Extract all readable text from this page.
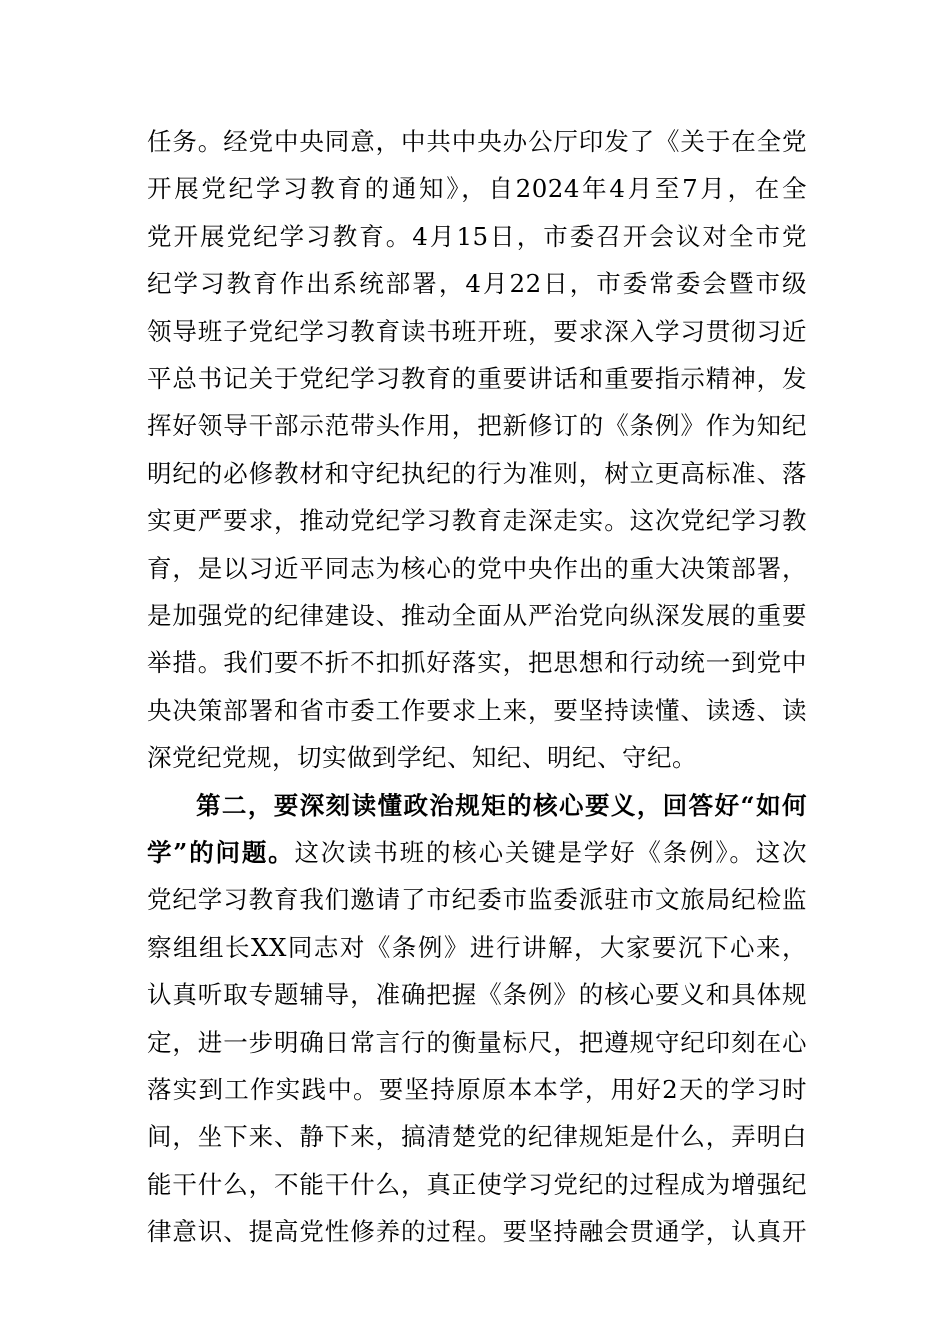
任务。经党中央同意，中共中央办公厅印发了《关于在全党
开展党纪学习教育的通知》，自2024年4月至7月，在全
党开展党纪学习教育。4月15日，市委召开会议对全市党
纪学习教育作出系统部署，4月22日，市委常委会暨市级
领导班子党纪学习教育读书班开班，要求深入学习贯彻习近
平总书记关于党纪学习教育的重要讲话和重要指示精神，发
挥好领导干部示范带头作用，把新修订的《条例》作为知纪
明纪的必修教材和守纪执纪的行为准则，树立更高标准、落
实更严要求，推动党纪学习教育走深走实。这次党纪学习教
育，是以习近平同志为核心的党中央作出的重大决策部署，
是加强党的纪律建设、推动全面从严治党向纵深发展的重要
举措。我们要不折不扣抓好落实，把思想和行动统一到党中
央决策部署和省市委工作要求上来，要坚持读懂、读透、读
深党纪党规，切实做到学纪、知纪、明纪、守纪。
第二，要深刻读懂政治规矩的核心要义，回答好“如何
学”的问题。这次读书班的核心关键是学好《条例》。这次
党纪学习教育我们邀请了市纪委市监委派驻市文旅局纪检监
察组组长XX同志对《条例》进行讲解，大家要沉下心来，
认真听取专题辅导，准确把握《条例》的核心要义和具体规
定，进一步明确日常言行的衡量标尺，把遵规守纪印刻在心
落实到工作实践中。要坚持原原本本学，用好2天的学习时
间，坐下来、静下来，搞清楚党的纪律规矩是什么，弄明白
能干什么，不能干什么，真正使学习党纪的过程成为增强纪
律意识、提高党性修养的过程。要坚持融会贯通学，认真开
